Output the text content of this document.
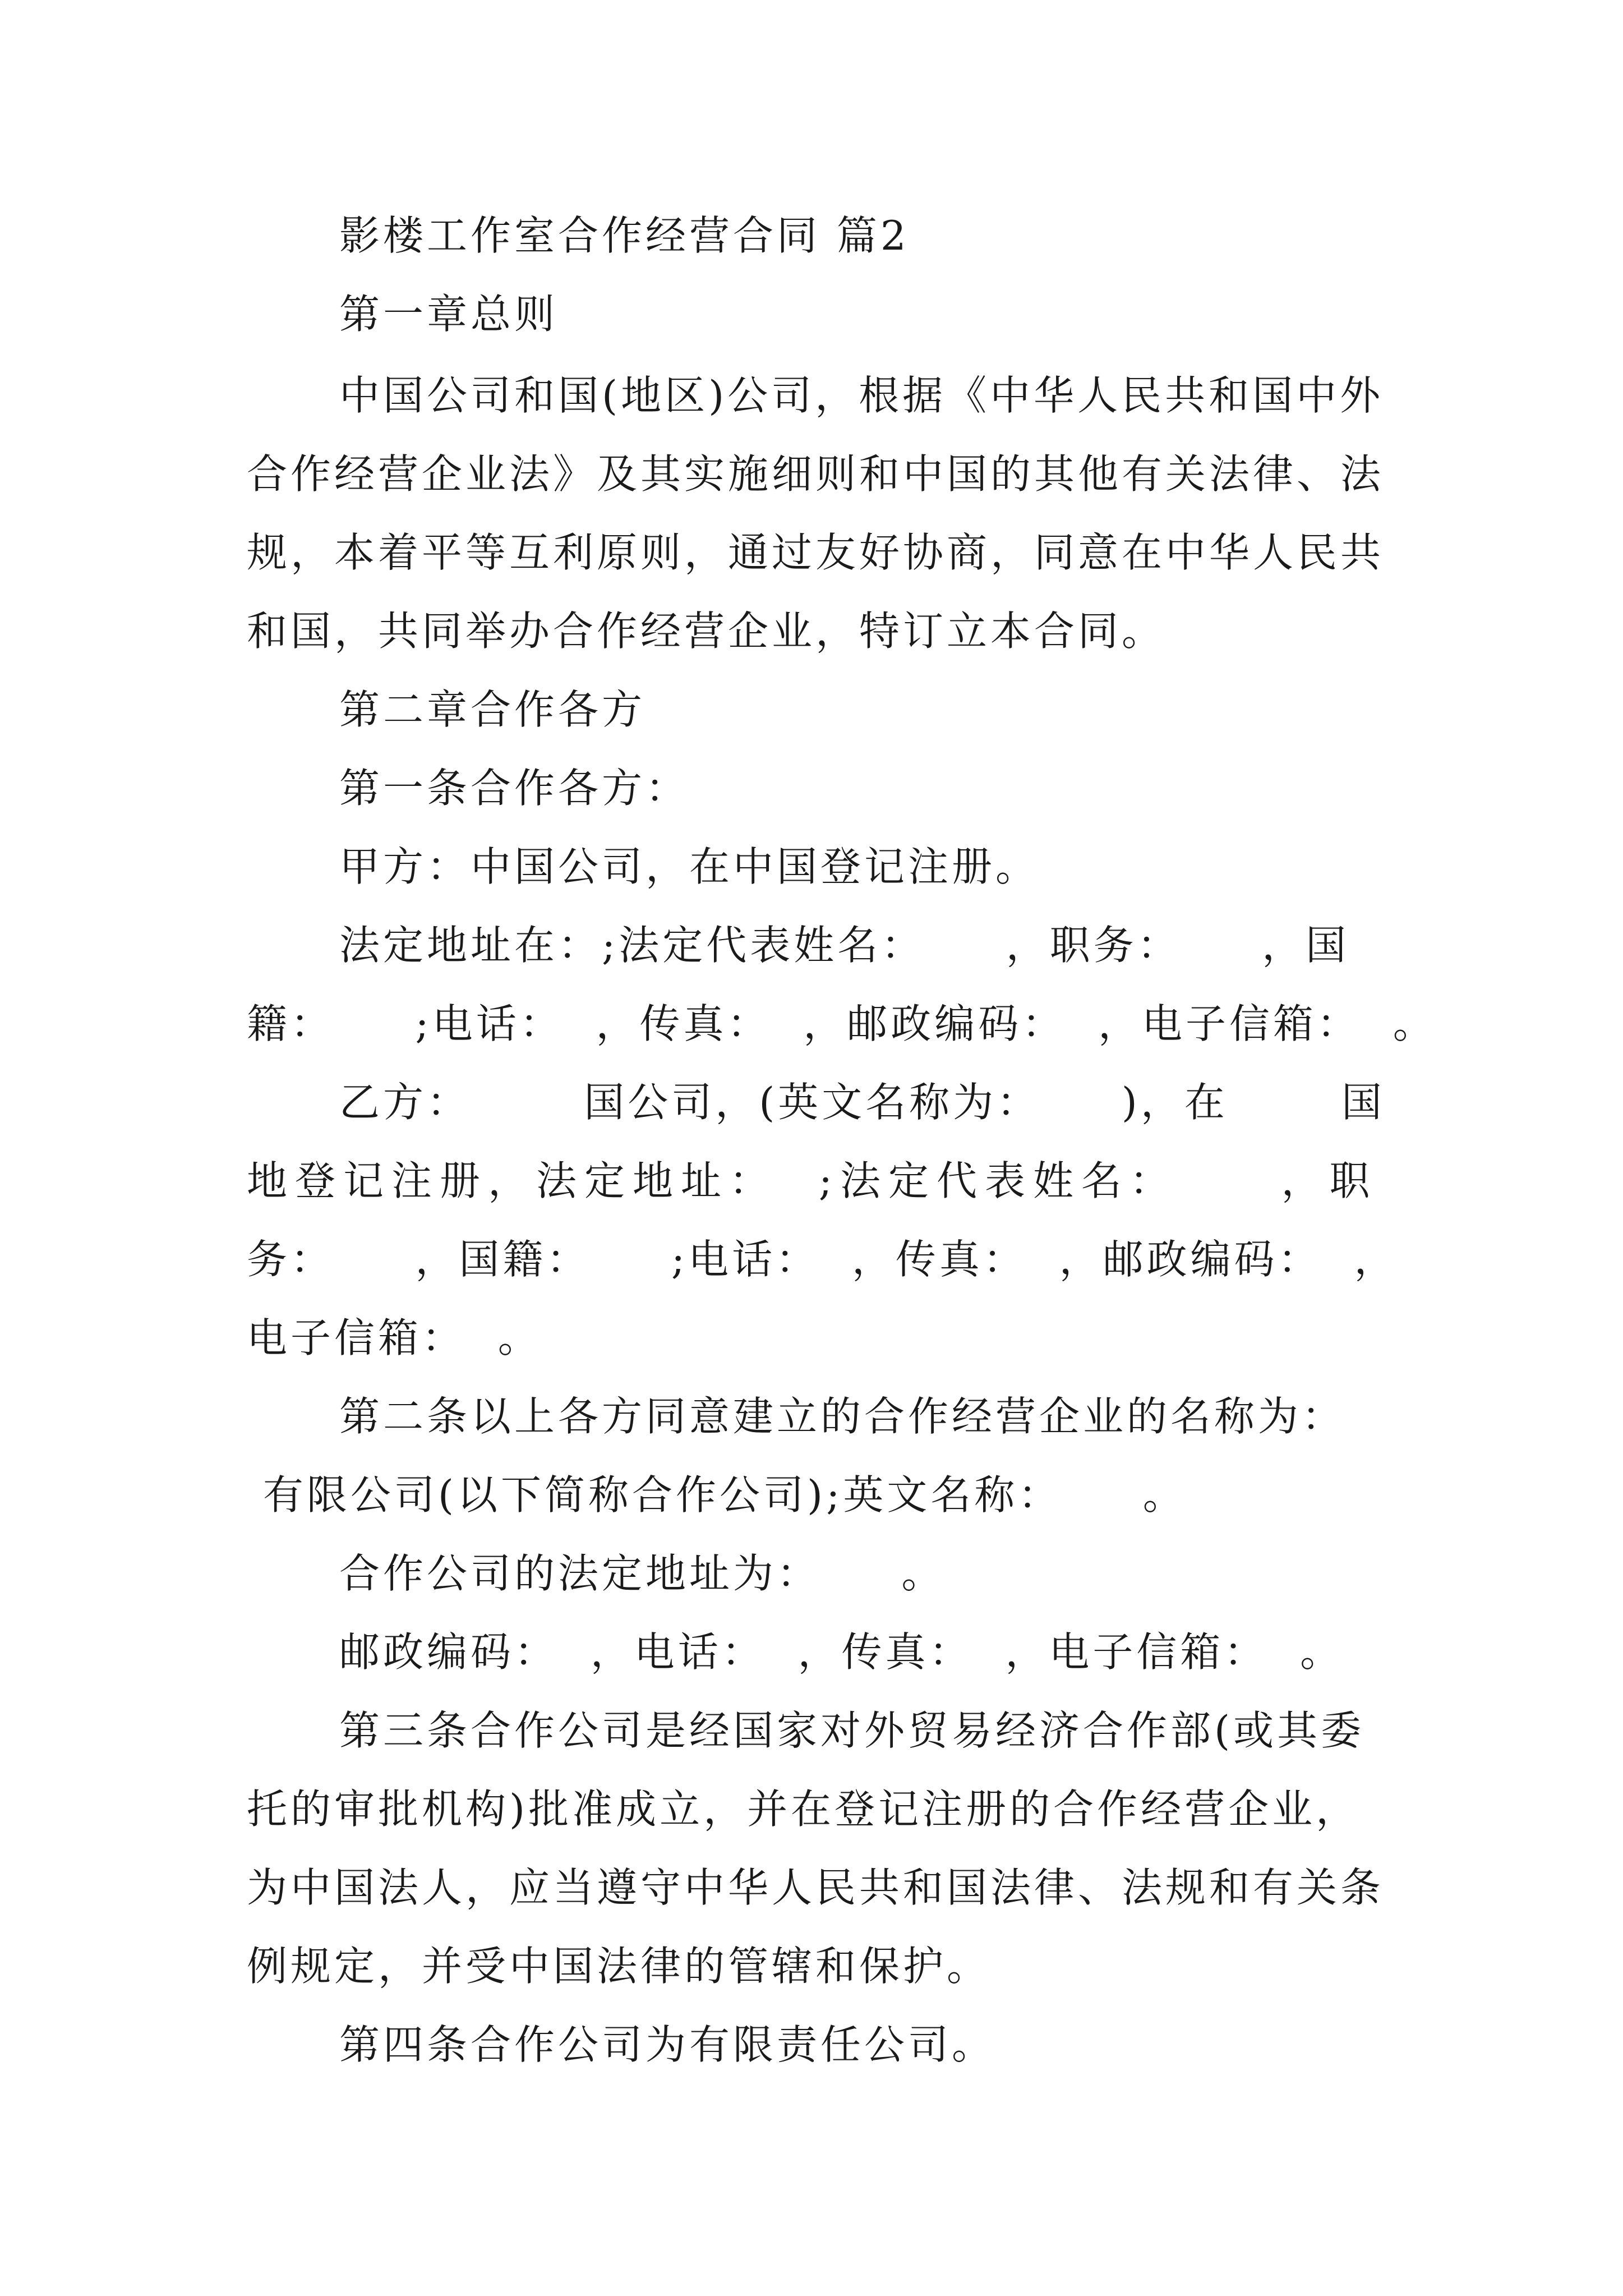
影楼工作室合作经营合同 篇2
第一章总则
中国公司和国(地区)公司，根据《中华人民共和国中外
合作经营企业法》及其实施细则和中国的其他有关法律、法
规，本着平等互利原则，通过友好协商，同意在中华人民共
和国，共同举办合作经营企业，特订立本合同。
第二章合作各方
第一条合作各方：
甲方：中国公司，在中国登记注册。
法定地址在：;法定代表姓名：     ，职务：     ，国
籍：     ;电话：  ，传真：  ，邮政编码：  ，电子信箱：  。
乙方：       国公司，(英文名称为：     )，在       国
地登记注册，法定地址：  ;法定代表姓名：     ，职
务：     ，国籍：     ;电话：  ，传真：  ，邮政编码：  ，
电子信箱：  。
第二条以上各方同意建立的合作经营企业的名称为：
有限公司(以下简称合作公司);英文名称：     。
合作公司的法定地址为：     。
邮政编码：  ，电话：  ，传真：  ，电子信箱：  。
第三条合作公司是经国家对外贸易经济合作部(或其委
托的审批机构)批准成立，并在登记注册的合作经营企业，
为中国法人，应当遵守中华人民共和国法律、法规和有关条
例规定，并受中国法律的管辖和保护。
第四条合作公司为有限责任公司。
